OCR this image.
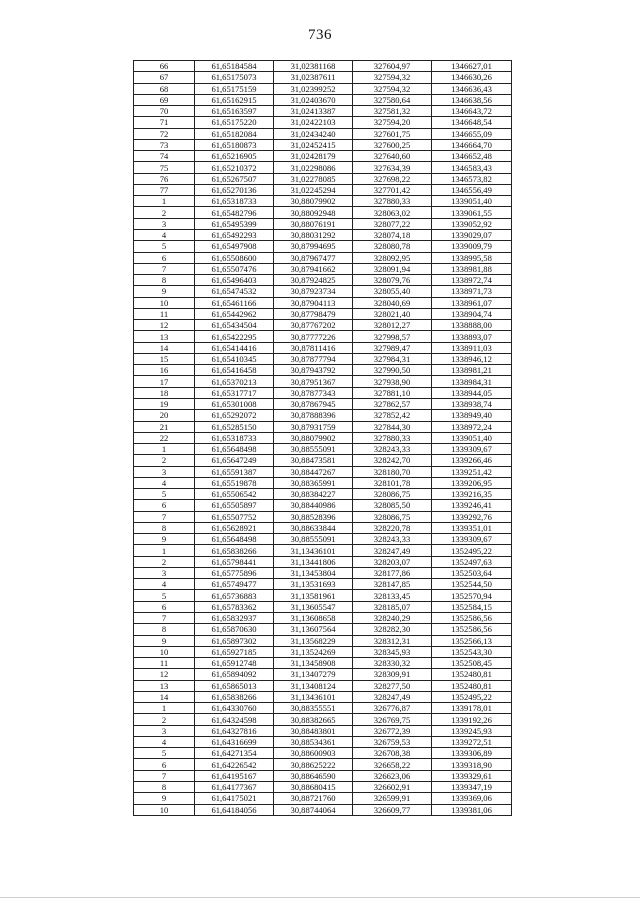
736
66	61,65184584	31,02381168	327604,97	1346627,01
67	61,65175073	31,02387611	327594,32	1346630,26
68	61,65175159	31,02399252	327594,32	1346636,43
69	61,65162915	31,02403670	327580,64	1346638,56
70	61,65163597	31,02413387	327581,32	1346643,72
71	61,65175220	31,02422103	327594,20	1346648,54
72	61,65182084	31,02434240	327601,75	1346655,09
73	61,65180873	31,02452415	327600,25	1346664,70
74	61,65216905	31,02428179	327640,60	1346652,48
75	61,65210372	31,02298086	327634,39	1346583,43
76	61,65267507	31,02278085	327698,22	1346573,82
77	61,65270136	31,02245294	327701,42	1346556,49
1	61,65318733	30,88079902	327880,33	1339051,40
2	61,65482796	30,88092948	328063,02	1339061,55
3	61,65495399	30,88076191	328077,22	1339052,92
4	61,65492293	30,88031292	328074,18	1339029,07
5	61,65497908	30,87994695	328080,78	1339009,79
6	61,65508600	30,87967477	328092,95	1338995,58
7	61,65507476	30,87941662	328091,94	1338981,88
8	61,65496403	30,87924825	328079,76	1338972,74
9	61,65474532	30,87923734	328055,40	1338971,73
10	61,65461166	30,87904113	328040,69	1338961,07
11	61,65442962	30,87798479	328021,40	1338904,74
12	61,65434504	30,87767202	328012,27	1338888,00
13	61,65422295	30,87777226	327998,57	1338893,07
14	61,65414416	30,87811416	327989,47	1338911,03
15	61,65410345	30,87877794	327984,31	1338946,12
16	61,65416458	30,87943792	327990,50	1338981,21
17	61,65370213	30,87951367	327938,90	1338984,31
18	61,65317717	30,87877343	327881,10	1338944,05
19	61,65301008	30,87867945	327862,57	1338938,74
20	61,65292072	30,87888396	327852,42	1338949,40
21	61,65285150	30,87931759	327844,30	1338972,24
22	61,65318733	30,88079902	327880,33	1339051,40
1	61,65648498	30,88555091	328243,33	1339309,67
2	61,65647249	30,88473581	328242,70	1339266,46
3	61,65591387	30,88447267	328180,70	1339251,42
4	61,65519878	30,88365991	328101,78	1339206,95
5	61,65506542	30,88384227	328086,75	1339216,35
6	61,65505897	30,88440986	328085,50	1339246,41
7	61,65507752	30,88528396	328086,75	1339292,76
8	61,65628921	30,88633844	328220,78	1339351,01
9	61,65648498	30,88555091	328243,33	1339309,67
1	61,65838266	31,13436101	328247,49	1352495,22
2	61,65798441	31,13441806	328203,07	1352497,63
3	61,65775896	31,13453804	328177,86	1352503,64
4	61,65749477	31,13531693	328147,85	1352544,50
5	61,65736883	31,13581961	328133,45	1352570,94
6	61,65783362	31,13605547	328185,07	1352584,15
7	61,65832937	31,13608658	328240,29	1352586,56
8	61,65870630	31,13607564	328282,30	1352586,56
9	61,65897302	31,13568229	328312,31	1352566,13
10	61,65927185	31,13524269	328345,93	1352543,30
11	61,65912748	31,13458908	328330,32	1352508,45
12	61,65894092	31,13407279	328309,91	1352480,81
13	61,65865013	31,13408124	328277,50	1352480,81
14	61,65838266	31,13436101	328247,49	1352495,22
1	61,64330760	30,88355551	326776,87	1339178,01
2	61,64324598	30,88382665	326769,75	1339192,26
3	61,64327816	30,88483801	326772,39	1339245,93
4	61,64316699	30,88534361	326759,53	1339272,51
5	61,64271354	30,88600903	326708,38	1339306,89
6	61,64226542	30,88625222	326658,22	1339318,90
7	61,64195167	30,88646590	326623,06	1339329,61
8	61,64177367	30,88680415	326602,91	1339347,19
9	61,64175021	30,88721760	326599,91	1339369,06
10	61,64184056	30,88744064	326609,77	1339381,06
